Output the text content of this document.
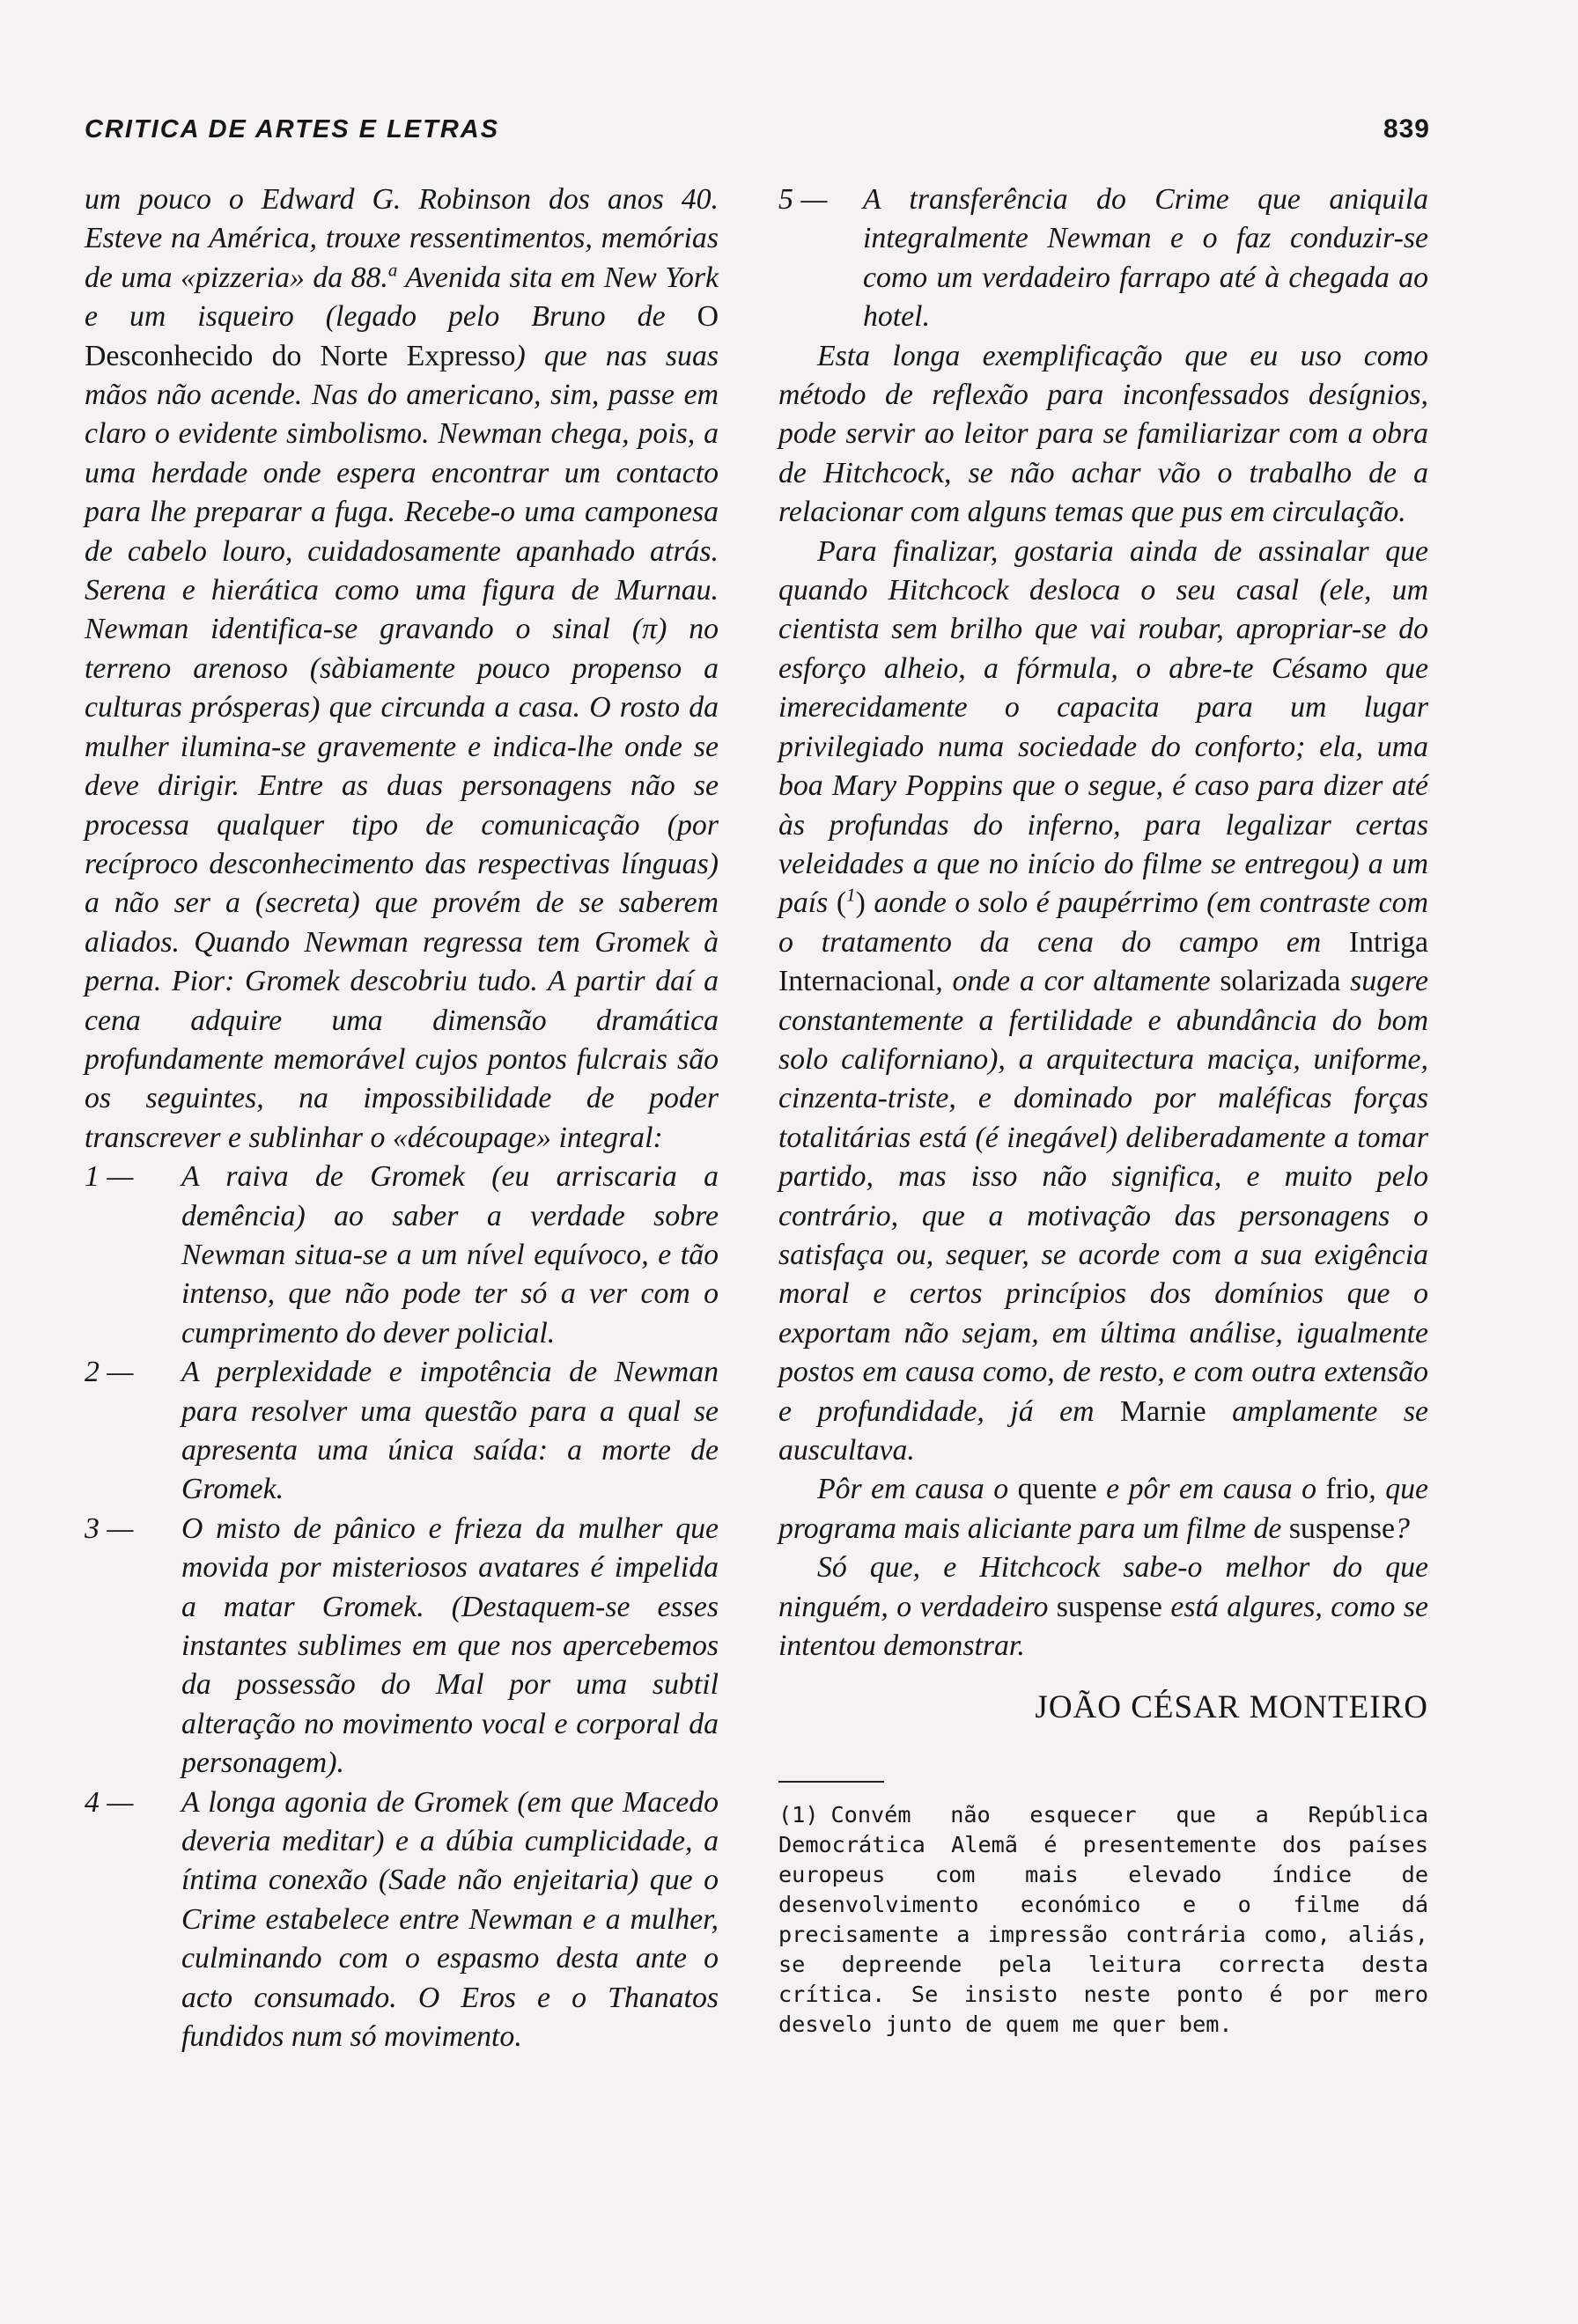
CRITICA DE ARTES E LETRAS	839

um pouco o Edward G. Robinson dos anos 40. Esteve na América, trouxe ressentimentos, memórias de uma «pizzeria» da 88.$^a$ Avenida sita em New York e um isqueiro (legado pelo Bruno de O Desconhecido do Norte Expresso) que nas suas mãos não acende. Nas do americano, sim, passe em claro o evidente simbolismo. Newman chega, pois, a uma herdade onde espera encontrar um contacto para lhe preparar a fuga. Recebe-o uma camponesa de cabelo louro, cuidadosamente apanhado atrás. Serena e hierática como uma figura de Murnau. Newman identifica-se gravando o sinal (π) no terreno arenoso (sàbiamente pouco propenso a culturas prósperas) que circunda a casa. O rosto da mulher ilumina-se gravemente e indica-lhe onde se deve dirigir. Entre as duas personagens não se processa qualquer tipo de comunicação (por recíproco desconhecimento das respectivas línguas) a não ser a (secreta) que provém de se saberem aliados. Quando Newman regressa tem Gromek à perna. Pior: Gromek descobriu tudo. A partir daí a cena adquire uma dimensão dramática profundamente memorável cujos pontos fulcrais são os seguintes, na impossibilidade de poder transcrever e sublinhar o «découpage» integral:

1 —	A raiva de Gromek (eu arriscaria a demência) ao saber a verdade sobre Newman situa-se a um nível equívoco, e tão intenso, que não pode ter só a ver com o cumprimento do dever policial.
2 —	A perplexidade e impotência de Newman para resolver uma questão para a qual se apresenta uma única saída: a morte de Gromek.
3 —	O misto de pânico e frieza da mulher que movida por misteriosos avatares é impelida a matar Gromek. (Destaquem-se esses instantes sublimes em que nos apercebemos da possessão do Mal por uma subtil alteração no movimento vocal e corporal da personagem).
4 —	A longa agonia de Gromek (em que Macedo deveria meditar) e a dúbia cumplicidade, a íntima conexão (Sade não enjeitaria) que o Crime estabelece entre Newman e a mulher, culminando com o espasmo desta ante o acto consumado. O Eros e o Thanatos fundidos num só movimento.
5 —	A transferência do Crime que aniquila integralmente Newman e o faz conduzir-se como um verdadeiro farrapo até à chegada ao hotel.

Esta longa exemplificação que eu uso como método de reflexão para inconfessados desígnios, pode servir ao leitor para se familiarizar com a obra de Hitchcock, se não achar vão o trabalho de a relacionar com alguns temas que pus em circulação.

Para finalizar, gostaria ainda de assinalar que quando Hitchcock desloca o seu casal (ele, um cientista sem brilho que vai roubar, apropriar-se do esforço alheio, a fórmula, o abre-te Césamo que imerecidamente o capacita para um lugar privilegiado numa sociedade do conforto; ela, uma boa Mary Poppins que o segue, é caso para dizer até às profundas do inferno, para legalizar certas veleidades a que no início do filme se entregou) a um país ($^1$) aonde o solo é paupérrimo (em contraste com o tratamento da cena do campo em Intriga Internacional, onde a cor altamente solarizada sugere constantemente a fertilidade e abundância do bom solo californiano), a arquitectura maciça, uniforme, cinzenta-triste, e dominado por maléficas forças totalitárias está (é inegável) deliberadamente a tomar partido, mas isso não significa, e muito pelo contrário, que a motivação das personagens o satisfaça ou, sequer, se acorde com a sua exigência moral e certos princípios dos domínios que o exportam não sejam, em última análise, igualmente postos em causa como, de resto, e com outra extensão e profundidade, já em Marnie amplamente se auscultava.

Pôr em causa o quente e pôr em causa o frio, que programa mais aliciante para um filme de suspense?

Só que, e Hitchcock sabe-o melhor do que ninguém, o verdadeiro suspense está algures, como se intentou demonstrar.

JOÃO CÉSAR MONTEIRO

(1) Convém não esquecer que a República Democrática Alemã é presentemente dos países europeus com mais elevado índice de desenvolvimento económico e o filme dá precisamente a impressão contrária como, aliás, se depreende pela leitura correcta desta crítica. Se insisto neste ponto é por mero desvelo junto de quem me quer bem.
